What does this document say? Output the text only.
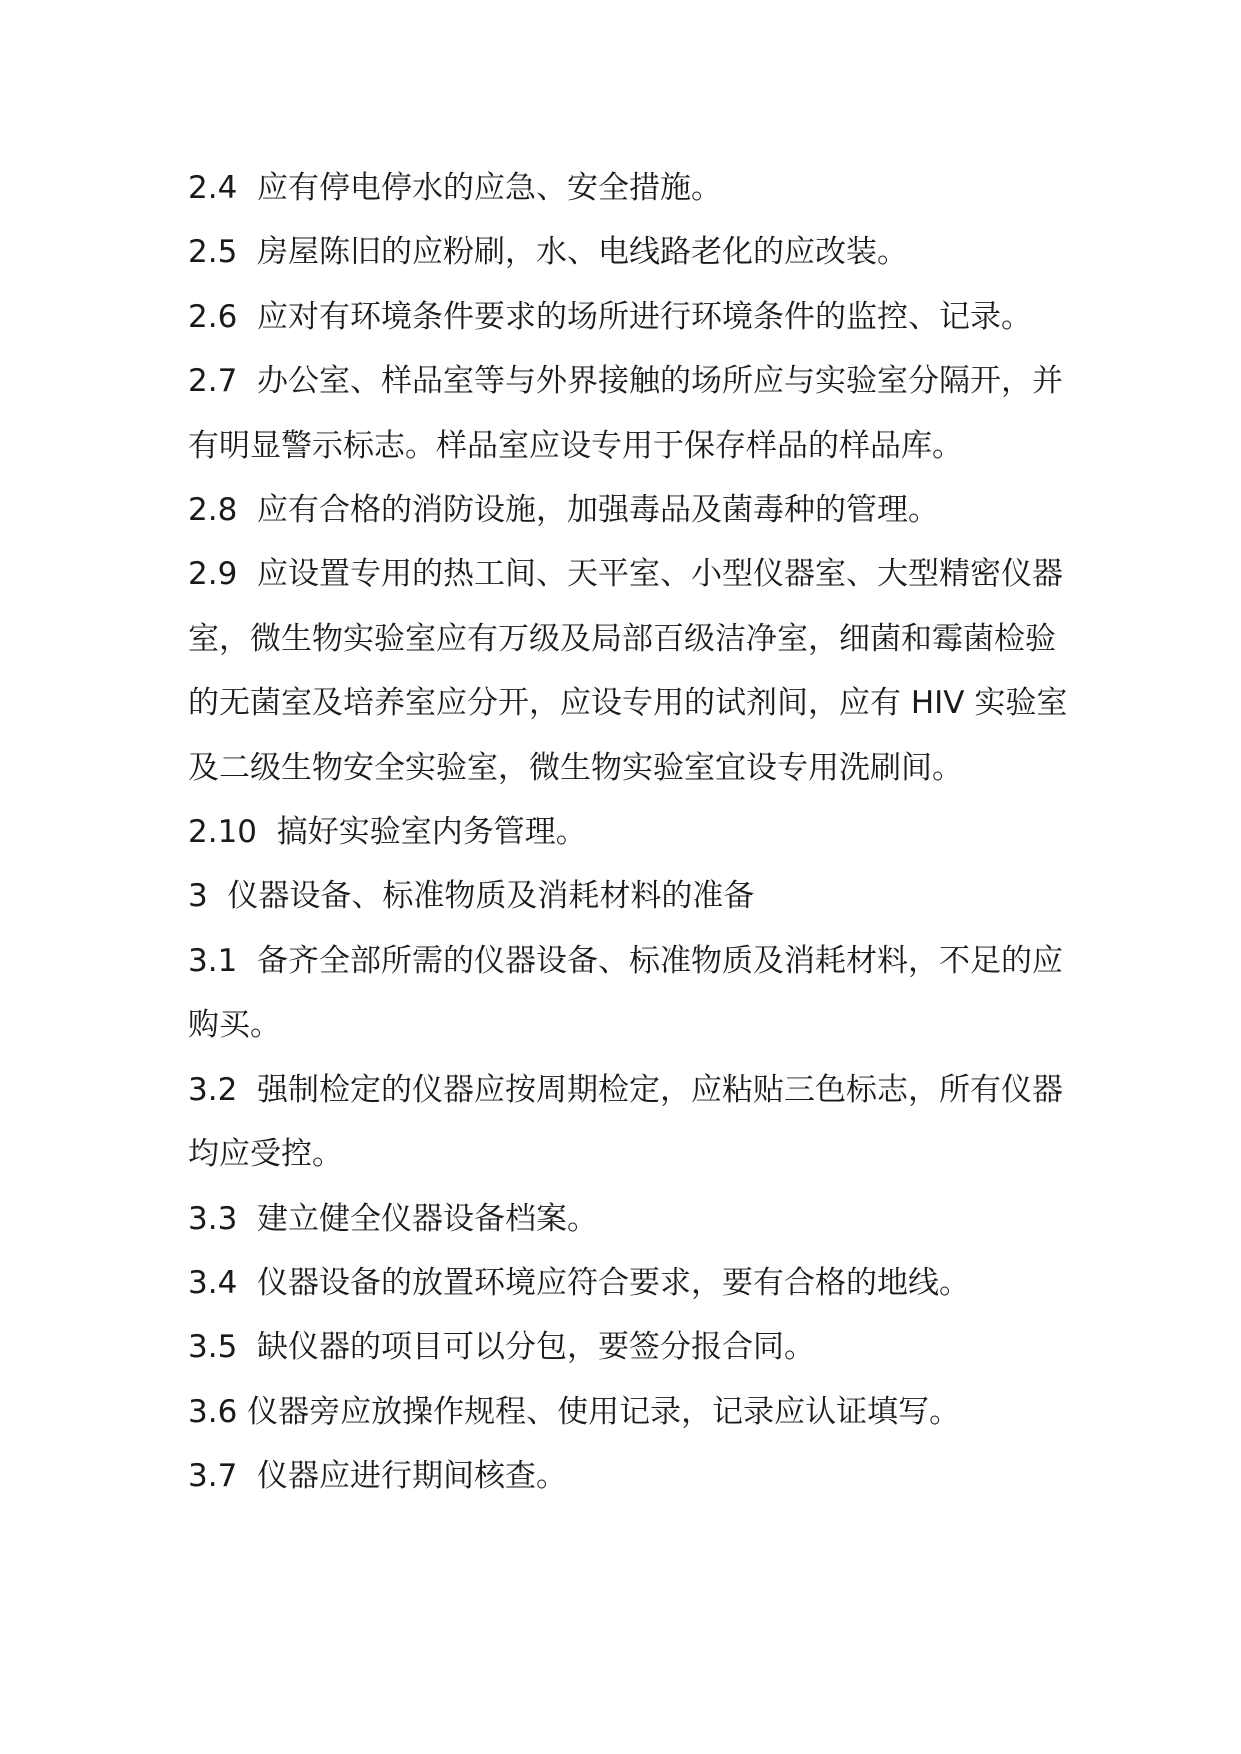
2.4  应有停电停水的应急、安全措施。

2.5  房屋陈旧的应粉刷，水、电线路老化的应改装。

2.6  应对有环境条件要求的场所进行环境条件的监控、记录。

2.7  办公室、样品室等与外界接触的场所应与实验室分隔开，并有明显警示标志。样品室应设专用于保存样品的样品库。

2.8  应有合格的消防设施，加强毒品及菌毒种的管理。

2.9  应设置专用的热工间、天平室、小型仪器室、大型精密仪器室，微生物实验室应有万级及局部百级洁净室，细菌和霉菌检验的无菌室及培养室应分开，应设专用的试剂间，应有 HIV 实验室及二级生物安全实验室，微生物实验室宜设专用洗刷间。

2.10  搞好实验室内务管理。

3  仪器设备、标准物质及消耗材料的准备

3.1  备齐全部所需的仪器设备、标准物质及消耗材料，不足的应购买。

3.2  强制检定的仪器应按周期检定，应粘贴三色标志，所有仪器均应受控。

3.3  建立健全仪器设备档案。

3.4  仪器设备的放置环境应符合要求，要有合格的地线。

3.5  缺仪器的项目可以分包，要签分报合同。

3.6 仪器旁应放操作规程、使用记录，记录应认证填写。

3.7  仪器应进行期间核查。
